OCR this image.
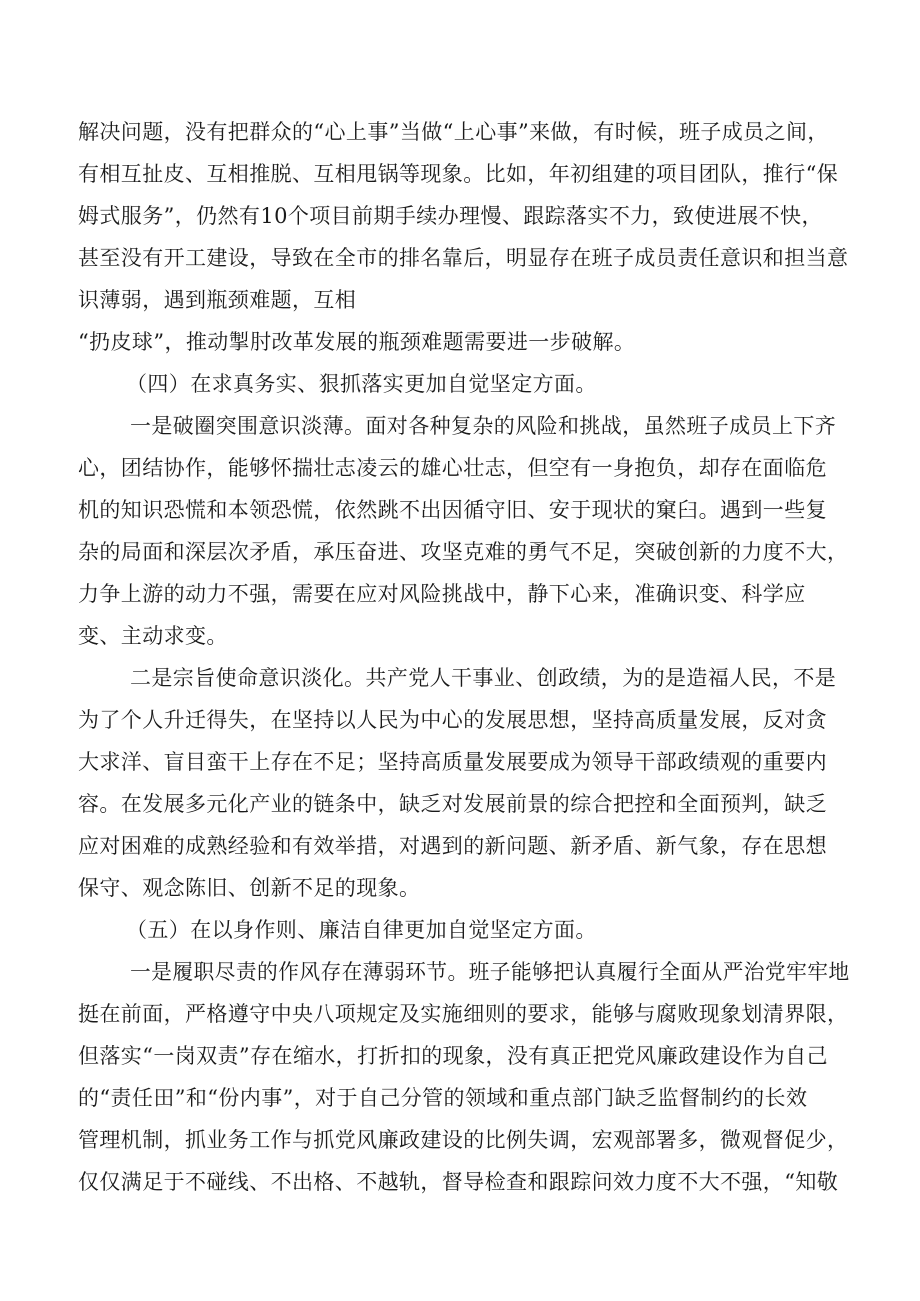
解决问题，没有把群众的“心上事”当做“上心事”来做，有时候，班子成员之间，
有相互扯皮、互相推脱、互相甩锅等现象。比如，年初组建的项目团队，推行“保
姆式服务”，仍然有10个项目前期手续办理慢、跟踪落实不力，致使进展不快，
甚至没有开工建设，导致在全市的排名靠后，明显存在班子成员责任意识和担当意
识薄弱，遇到瓶颈难题，互相
“扔皮球”，推动掣肘改革发展的瓶颈难题需要进一步破解。
（四）在求真务实、狠抓落实更加自觉坚定方面。
一是破圈突围意识淡薄。面对各种复杂的风险和挑战，虽然班子成员上下齐
心，团结协作，能够怀揣壮志凌云的雄心壮志，但空有一身抱负，却存在面临危
机的知识恐慌和本领恐慌，依然跳不出因循守旧、安于现状的窠臼。遇到一些复
杂的局面和深层次矛盾，承压奋进、攻坚克难的勇气不足，突破创新的力度不大，
力争上游的动力不强，需要在应对风险挑战中，静下心来，准确识变、科学应
变、主动求变。
二是宗旨使命意识淡化。共产党人干事业、创政绩，为的是造福人民，不是
为了个人升迁得失，在坚持以人民为中心的发展思想，坚持高质量发展，反对贪
大求洋、盲目蛮干上存在不足；坚持高质量发展要成为领导干部政绩观的重要内
容。在发展多元化产业的链条中，缺乏对发展前景的综合把控和全面预判，缺乏
应对困难的成熟经验和有效举措，对遇到的新问题、新矛盾、新气象，存在思想
保守、观念陈旧、创新不足的现象。
（五）在以身作则、廉洁自律更加自觉坚定方面。
一是履职尽责的作风存在薄弱环节。班子能够把认真履行全面从严治党牢牢地
挺在前面，严格遵守中央八项规定及实施细则的要求，能够与腐败现象划清界限，
但落实“一岗双责”存在缩水，打折扣的现象，没有真正把党风廉政建设作为自己
的“责任田”和“份内事”，对于自己分管的领域和重点部门缺乏监督制约的长效
管理机制，抓业务工作与抓党风廉政建设的比例失调，宏观部署多，微观督促少，
仅仅满足于不碰线、不出格、不越轨，督导检查和跟踪问效力度不大不强，“知敬
